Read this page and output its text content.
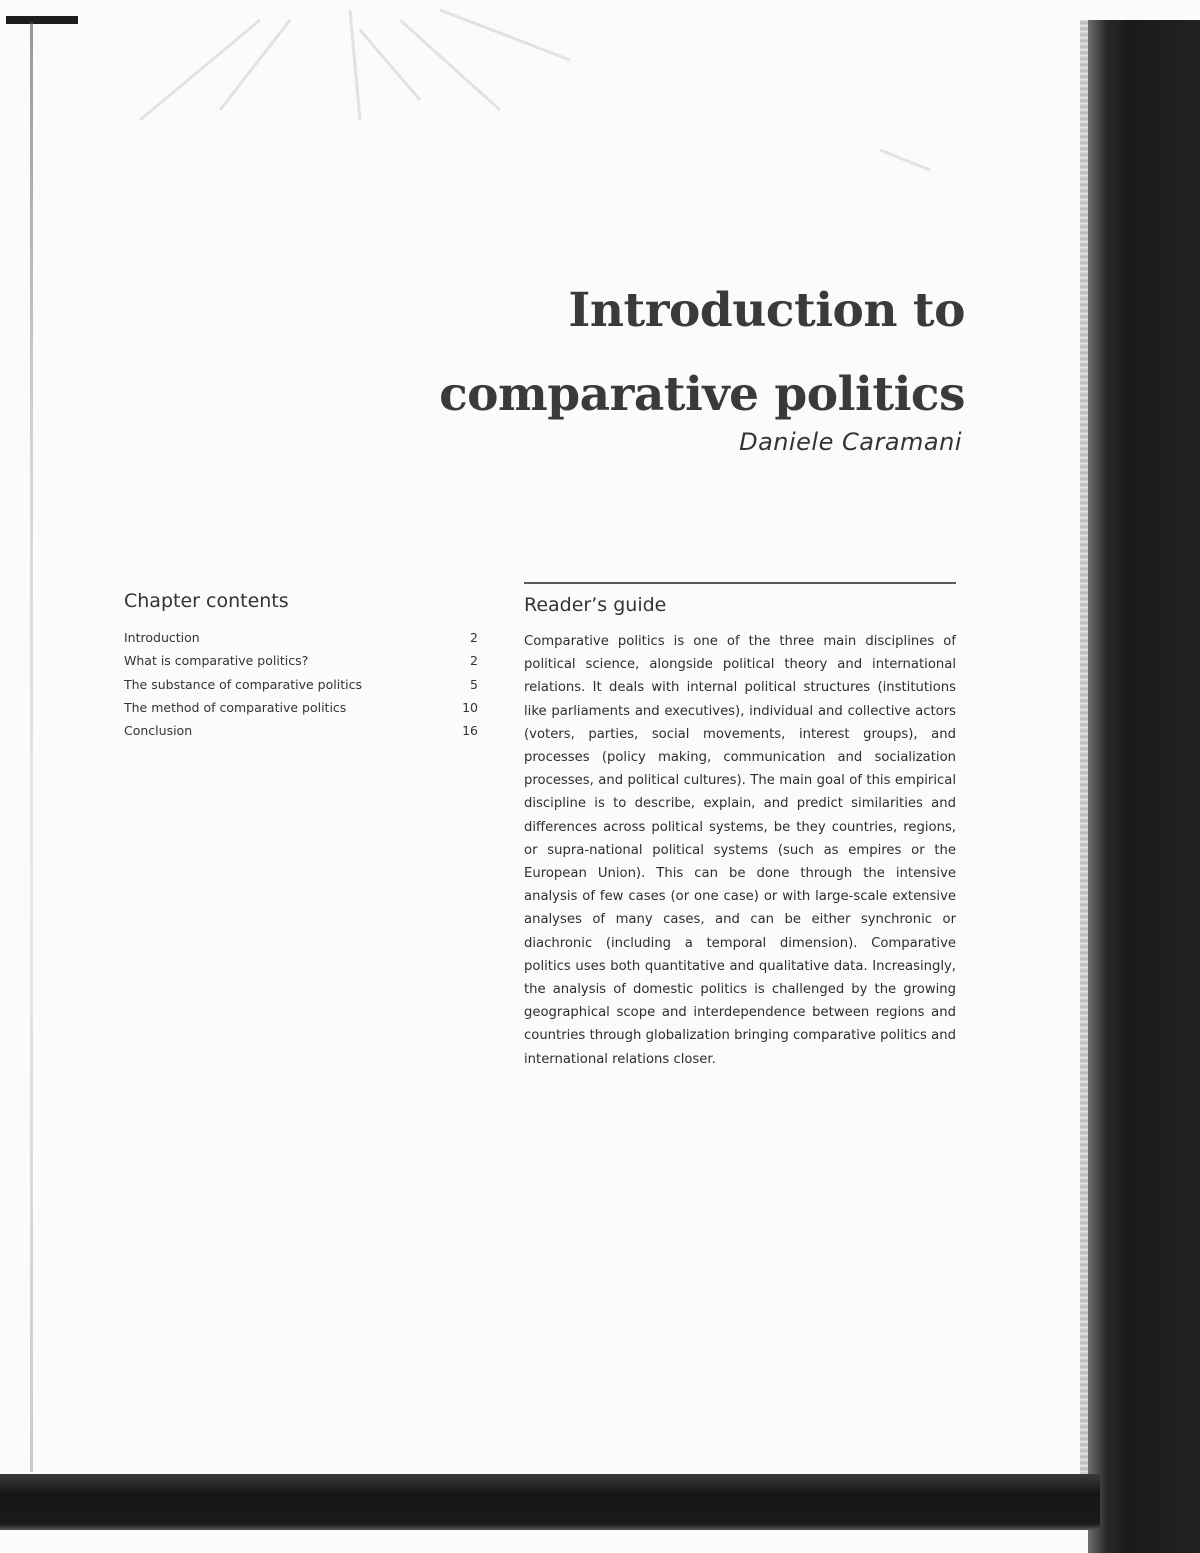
Introduction to
comparative politics
Daniele Caramani
Chapter contents
Introduction	2
What is comparative politics?	2
The substance of comparative politics	5
The method of comparative politics	10
Conclusion	16
Reader’s guide

Comparative politics is one of the three main disciplines of political science, alongside political theory and international relations. It deals with internal political structures (institutions like parliaments and executives), individual and collective actors (voters, parties, social movements, interest groups), and processes (policy making, communication and socialization processes, and political cultures). The main goal of this empirical discipline is to describe, explain, and predict similarities and differences across political systems, be they countries, regions, or supra-national political systems (such as empires or the European Union). This can be done through the intensive analysis of few cases (or one case) or with large-scale extensive analyses of many cases, and can be either synchronic or diachronic (including a temporal dimension). Comparative politics uses both quantitative and qualitative data. Increasingly, the analysis of domestic politics is challenged by the growing geographical scope and interdependence between regions and countries through globalization bringing comparative politics and international relations closer.
